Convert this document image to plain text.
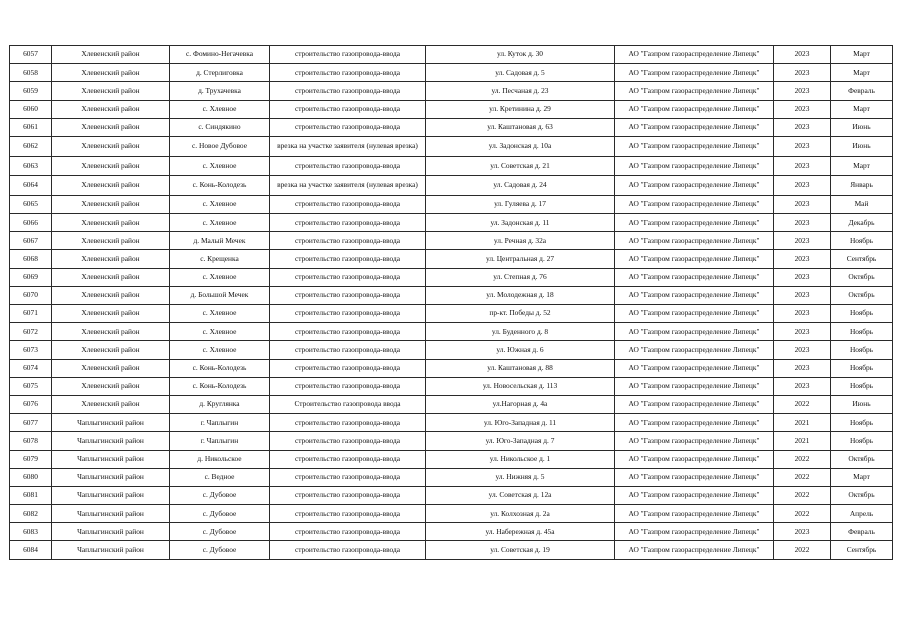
6057	Хлевенский район	с. Фомино-Негачевка	строительство газопровода-ввода	ул. Куток д. 30	АО "Газпром газораспределение Липецк"	2023	Март
6058	Хлевенский район	д. Стерлиговка	строительство газопровода-ввода	ул. Садовая д. 5	АО "Газпром газораспределение Липецк"	2023	Март
6059	Хлевенский район	д. Трухачевка	строительство газопровода-ввода	ул. Песчаная д. 23	АО "Газпром газораспределение Липецк"	2023	Февраль
6060	Хлевенский район	с. Хлевное	строительство газопровода-ввода	ул. Кретинина д. 29	АО "Газпром газораспределение Липецк"	2023	Март
6061	Хлевенский район	с. Синдякино	строительство газопровода-ввода	ул. Каштановая д. 63	АО "Газпром газораспределение Липецк"	2023	Июнь
6062	Хлевенский район	с. Новое Дубовое	врезка на участке заявителя (нулевая врезка)	ул. Задонская д. 10а	АО "Газпром газораспределение Липецк"	2023	Июнь
6063	Хлевенский район	с. Хлевное	строительство газопровода-ввода	ул. Советская д. 21	АО "Газпром газораспределение Липецк"	2023	Март
6064	Хлевенский район	с. Конь-Колодезь	врезка на участке заявителя (нулевая врезка)	ул. Садовая д. 24	АО "Газпром газораспределение Липецк"	2023	Январь
6065	Хлевенский район	с. Хлевное	строительство газопровода-ввода	ул. Гуляева д. 17	АО "Газпром газораспределение Липецк"	2023	Май
6066	Хлевенский район	с. Хлевное	строительство газопровода-ввода	ул. Задонская д. 11	АО "Газпром газораспределение Липецк"	2023	Декабрь
6067	Хлевенский район	д. Малый Мечек	строительство газопровода-ввода	ул. Речная д. 32а	АО "Газпром газораспределение Липецк"	2023	Ноябрь
6068	Хлевенский район	с. Крещенка	строительство газопровода-ввода	ул. Центральная д. 27	АО "Газпром газораспределение Липецк"	2023	Сентябрь
6069	Хлевенский район	с. Хлевное	строительство газопровода-ввода	ул. Степная д. 76	АО "Газпром газораспределение Липецк"	2023	Октябрь
6070	Хлевенский район	д. Большой Мечек	строительство газопровода-ввода	ул. Молодежная д. 18	АО "Газпром газораспределение Липецк"	2023	Октябрь
6071	Хлевенский район	с. Хлевное	строительство газопровода-ввода	пр-кт. Победы д. 52	АО "Газпром газораспределение Липецк"	2023	Ноябрь
6072	Хлевенский район	с. Хлевное	строительство газопровода-ввода	ул. Буденного д. 8	АО "Газпром газораспределение Липецк"	2023	Ноябрь
6073	Хлевенский район	с. Хлевное	строительство газопровода-ввода	ул. Южная д. 6	АО "Газпром газораспределение Липецк"	2023	Ноябрь
6074	Хлевенский район	с. Конь-Колодезь	строительство газопровода-ввода	ул. Каштановая д. 88	АО "Газпром газораспределение Липецк"	2023	Ноябрь
6075	Хлевенский район	с. Конь-Колодезь	строительство газопровода-ввода	ул. Новосельская д. 113	АО "Газпром газораспределение Липецк"	2023	Ноябрь
6076	Хлевенский район	д. Круглянка	Строительство газопровода ввода	ул.Нагорная д. 4а	АО "Газпром газораспределение Липецк"	2022	Июнь
6077	Чаплыгинский район	г. Чаплыгин	строительство газопровода-ввода	ул. Юго-Западная д. 11	АО "Газпром газораспределение Липецк"	2021	Ноябрь
6078	Чаплыгинский район	г. Чаплыгин	строительство газопровода-ввода	ул. Юго-Западная д. 7	АО "Газпром газораспределение Липецк"	2021	Ноябрь
6079	Чаплыгинский район	д. Никольское	строительство газопровода-ввода	ул. Никольское д. 1	АО "Газпром газораспределение Липецк"	2022	Октябрь
6080	Чаплыгинский район	с. Ведное	строительство газопровода-ввода	ул. Нижняя д. 5	АО "Газпром газораспределение Липецк"	2022	Март
6081	Чаплыгинский район	с. Дубовое	строительство газопровода-ввода	ул. Советская д. 12а	АО "Газпром газораспределение Липецк"	2022	Октябрь
6082	Чаплыгинский район	с. Дубовое	строительство газопровода-ввода	ул. Колхозная д. 2а	АО "Газпром газораспределение Липецк"	2022	Апрель
6083	Чаплыгинский район	с. Дубовое	строительство газопровода-ввода	ул. Набережная д. 45а	АО "Газпром газораспределение Липецк"	2023	Февраль
6084	Чаплыгинский район	с. Дубовое	строительство газопровода-ввода	ул. Советская д. 19	АО "Газпром газораспределение Липецк"	2022	Сентябрь
